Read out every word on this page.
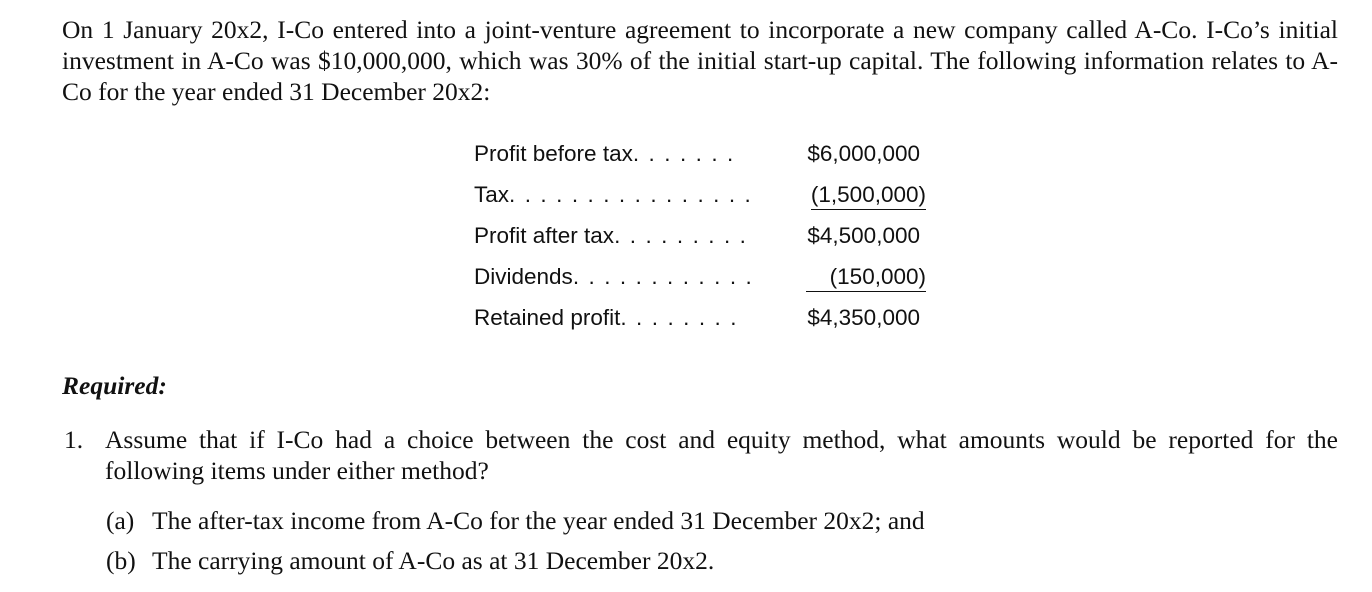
On 1 January 20x2, I-Co entered into a joint-venture agreement to incorporate a new company called A-Co. I-Co’s initial investment in A-Co was $10,000,000, which was 30% of the initial start-up capital. The following information relates to A-Co for the year ended 31 December 20x2:

Profit before tax. . . . . . .	$6,000,000
Tax. . . . . . . . . . . . . . . .	(1,500,000)
Profit after tax. . . . . . . . .	$4,500,000
Dividends. . . . . . . . . . . .	(150,000)
Retained profit. . . . . . . .	$4,350,000

Required:

1. Assume that if I-Co had a choice between the cost and equity method, what amounts would be reported for the following items under either method?
(a) The after-tax income from A-Co for the year ended 31 December 20x2; and
(b) The carrying amount of A-Co as at 31 December 20x2.
